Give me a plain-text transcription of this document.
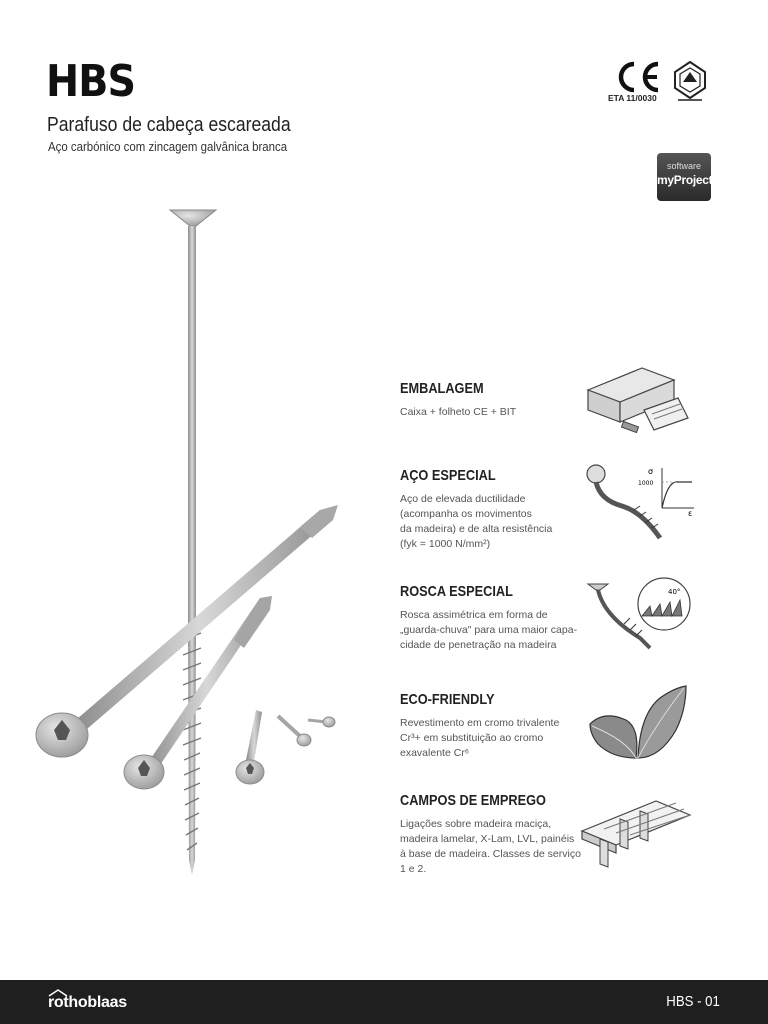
HBS
Parafuso de cabeça escareada
Aço carbónico com zincagem galvânica branca
ETA 11/0030
software
myProject
EMBALAGEM
Caixa + folheto CE + BIT
AÇO ESPECIAL
Aço de elevada ductilidade
(acompanha os movimentos
da madeira) e de alta resistência
(fyk = 1000 N/mm²)
σ
1000
ε
ROSCA ESPECIAL
Rosca assimétrica em forma de
„guarda-chuva" para uma maior capa-
cidade de penetração na madeira
40°
ECO-FRIENDLY
Revestimento em cromo trivalente
Cr³+ em substituição ao cromo
exavalente Cr⁶
CAMPOS DE EMPREGO
Ligações sobre madeira maciça,
madeira lamelar, X-Lam, LVL, painéis
à base de madeira. Classes de serviço
1 e 2.
rothoblaas	HBS - 01
